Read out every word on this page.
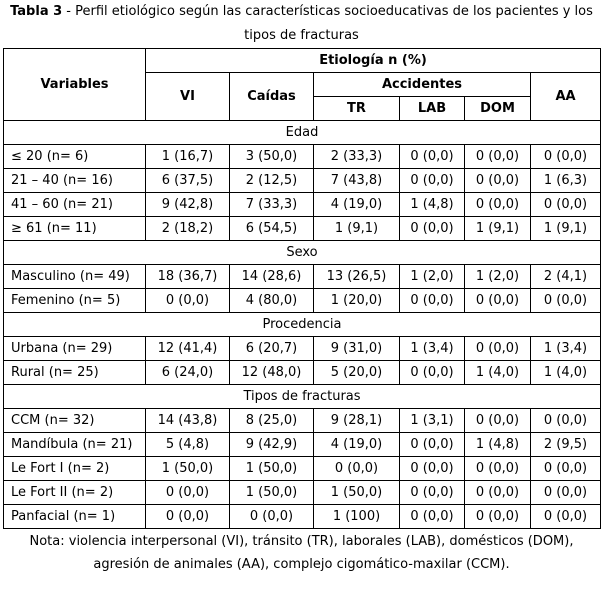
Tabla 3 - Perfil etiológico según las características socioeducativas de los pacientes y los tipos de fracturas
Variables	Etiología n (%)					
	VI	Caídas	Accidentes			AA
			TR	LAB	DOM	
Edad						
≤ 20 (n= 6)	1 (16,7)	3 (50,0)	2 (33,3)	0 (0,0)	0 (0,0)	0 (0,0)
21 – 40 (n= 16)	6 (37,5)	2 (12,5)	7 (43,8)	0 (0,0)	0 (0,0)	1 (6,3)
41 – 60 (n= 21)	9 (42,8)	7 (33,3)	4 (19,0)	1 (4,8)	0 (0,0)	0 (0,0)
≥ 61 (n= 11)	2 (18,2)	6 (54,5)	1 (9,1)	0 (0,0)	1 (9,1)	1 (9,1)
Sexo						
Masculino (n= 49)	18 (36,7)	14 (28,6)	13 (26,5)	1 (2,0)	1 (2,0)	2 (4,1)
Femenino (n= 5)	0 (0,0)	4 (80,0)	1 (20,0)	0 (0,0)	0 (0,0)	0 (0,0)
Procedencia						
Urbana (n= 29)	12 (41,4)	6 (20,7)	9 (31,0)	1 (3,4)	0 (0,0)	1 (3,4)
Rural (n= 25)	6 (24,0)	12 (48,0)	5 (20,0)	0 (0,0)	1 (4,0)	1 (4,0)
Tipos de fracturas						
CCM (n= 32)	14 (43,8)	8 (25,0)	9 (28,1)	1 (3,1)	0 (0,0)	0 (0,0)
Mandíbula (n= 21)	5 (4,8)	9 (42,9)	4 (19,0)	0 (0,0)	1 (4,8)	2 (9,5)
Le Fort I (n= 2)	1 (50,0)	1 (50,0)	0 (0,0)	0 (0,0)	0 (0,0)	0 (0,0)
Le Fort II (n= 2)	0 (0,0)	1 (50,0)	1 (50,0)	0 (0,0)	0 (0,0)	0 (0,0)
Panfacial (n= 1)	0 (0,0)	0 (0,0)	1 (100)	0 (0,0)	0 (0,0)	0 (0,0)
Nota: violencia interpersonal (VI), tránsito (TR), laborales (LAB), domésticos (DOM), agresión de animales (AA), complejo cigomático-maxilar (CCM).
